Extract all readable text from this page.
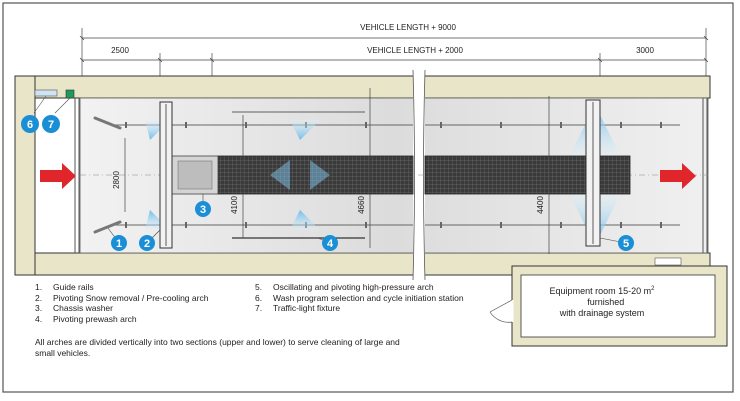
VEHICLE LENGTH + 9000
2500	VEHICLE LENGTH + 2000	3000
2800
4100	4660	4400
1 2
3
4	5
6 7
1.	Guide rails
2.	Pivoting Snow removal / Pre-cooling arch
3.	Chassis washer
4.	Pivoting prewash arch
5.	Oscillating and pivoting high-pressure arch
6.	Wash program selection and cycle initiation station
7.	Traffic-light fixture
All arches are divided vertically into two sections (upper and lower) to serve cleaning of large and small vehicles.
Equipment room 15-20 $m^2$   furnished
with drainage system
